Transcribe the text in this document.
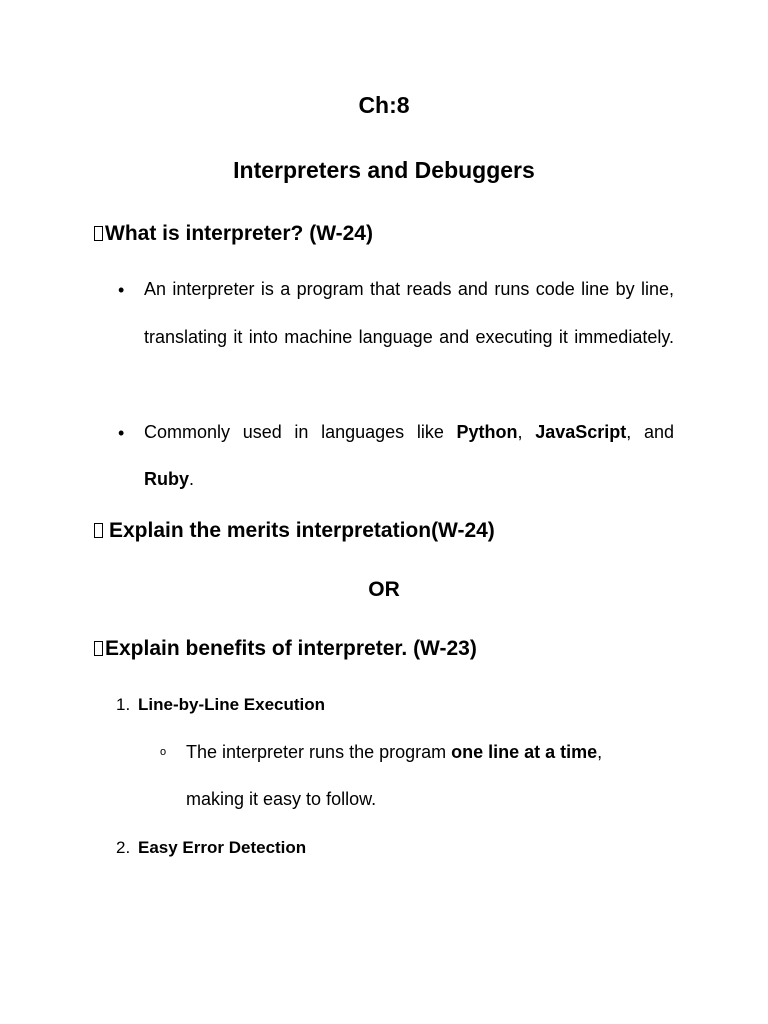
Ch:8
Interpreters and Debuggers
What is interpreter? (W-24)
• An interpreter is a program that reads and runs code line by line, translating it into machine language and executing it immediately.
• Commonly used in languages like Python, JavaScript, and
Ruby.
Explain the merits interpretation(W-24)
OR
Explain benefits of interpreter. (W-23)
1. Line-by-Line Execution
o The interpreter runs the program one line at a time,
making it easy to follow.
2. Easy Error Detection
